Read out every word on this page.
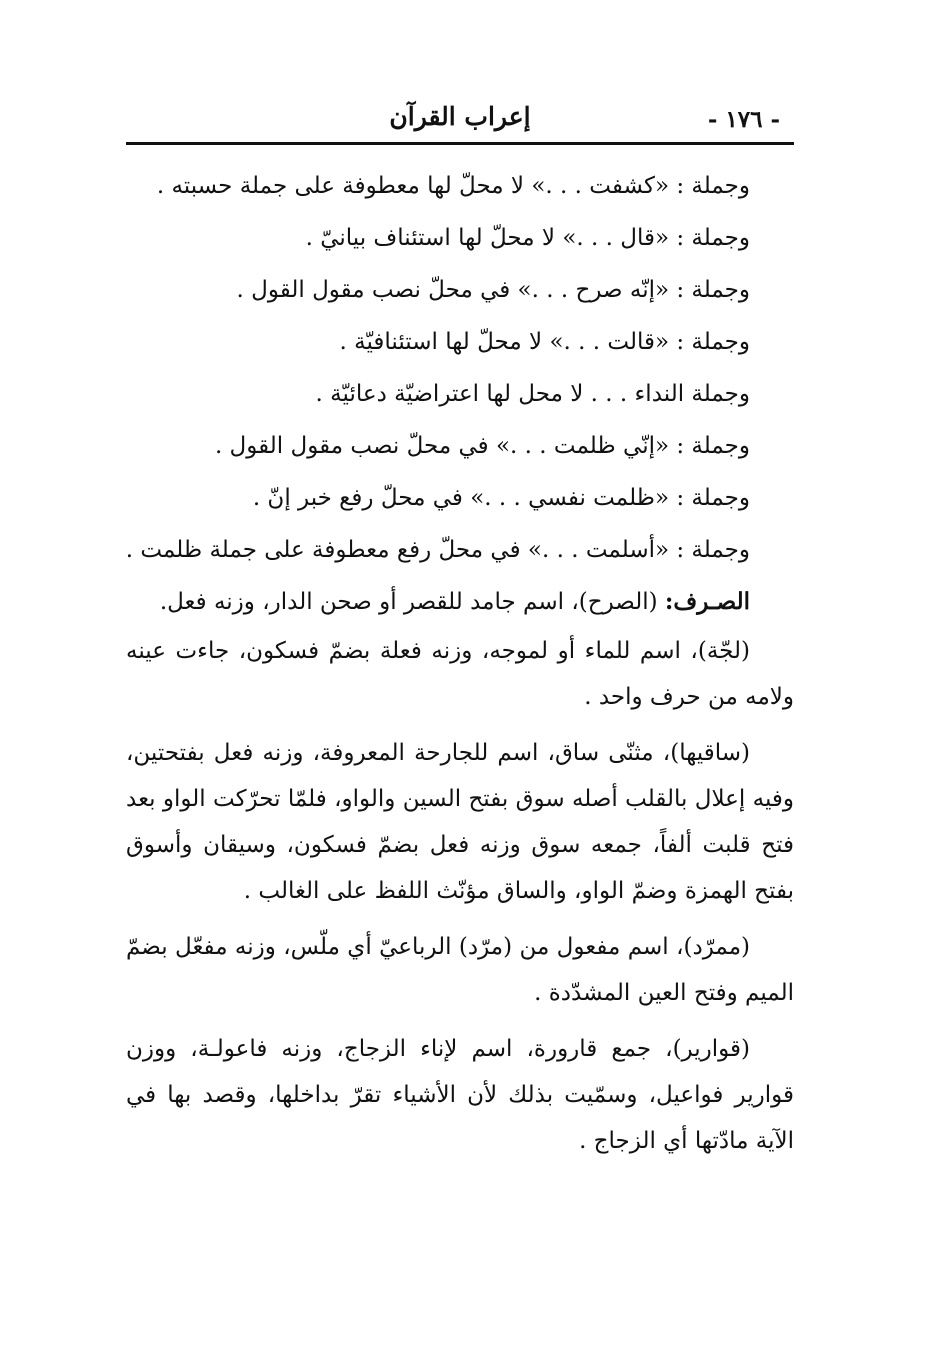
- ١٧٦ -
إعراب القرآن
وجملة : «كشفت . . .» لا محلّ لها معطوفة على جملة حسبته .
وجملة : «قال . . .» لا محلّ لها استئناف بيانيّ .
وجملة : «إنّه صرح . . .» في محلّ نصب مقول القول .
وجملة : «قالت . . .» لا محلّ لها استئنافيّة .
وجملة النداء . . . لا محل لها اعتراضيّة دعائيّة .
وجملة : «إنّي ظلمت . . .» في محلّ نصب مقول القول .
وجملة : «ظلمت نفسي . . .» في محلّ رفع خبر إنّ .
وجملة : «أسلمت . . .» في محلّ رفع معطوفة على جملة ظلمت .
الصـرف: (الصرح)، اسم جامد للقصر أو صحن الدار، وزنه فعل.
(لجّة)، اسم للماء أو لموجه، وزنه فعلة بضمّ فسكون، جاءت عينه
ولامه من حرف واحد .
(ساقيها)، مثنّى ساق، اسم للجارحة المعروفة، وزنه فعل بفتحتين،
وفيه إعلال بالقلب أصله سوق بفتح السين والواو، فلمّا تحرّكت الواو بعد
فتح قلبت ألفاً، جمعه سوق وزنه فعل بضمّ فسكون، وسيقان وأسوق
بفتح الهمزة وضمّ الواو، والساق مؤنّث اللفظ على الغالب .
(ممرّد)، اسم مفعول من (مرّد) الرباعيّ أي ملّس، وزنه مفعّل بضمّ
الميم وفتح العين المشدّدة .
(قوارير)، جمع قارورة، اسم لإناء الزجاج، وزنه فاعولـة، ووزن
قوارير فواعيل، وسمّيت بذلك لأن الأشياء تقرّ بداخلها، وقصد بها في
الآية مادّتها أي الزجاج .
